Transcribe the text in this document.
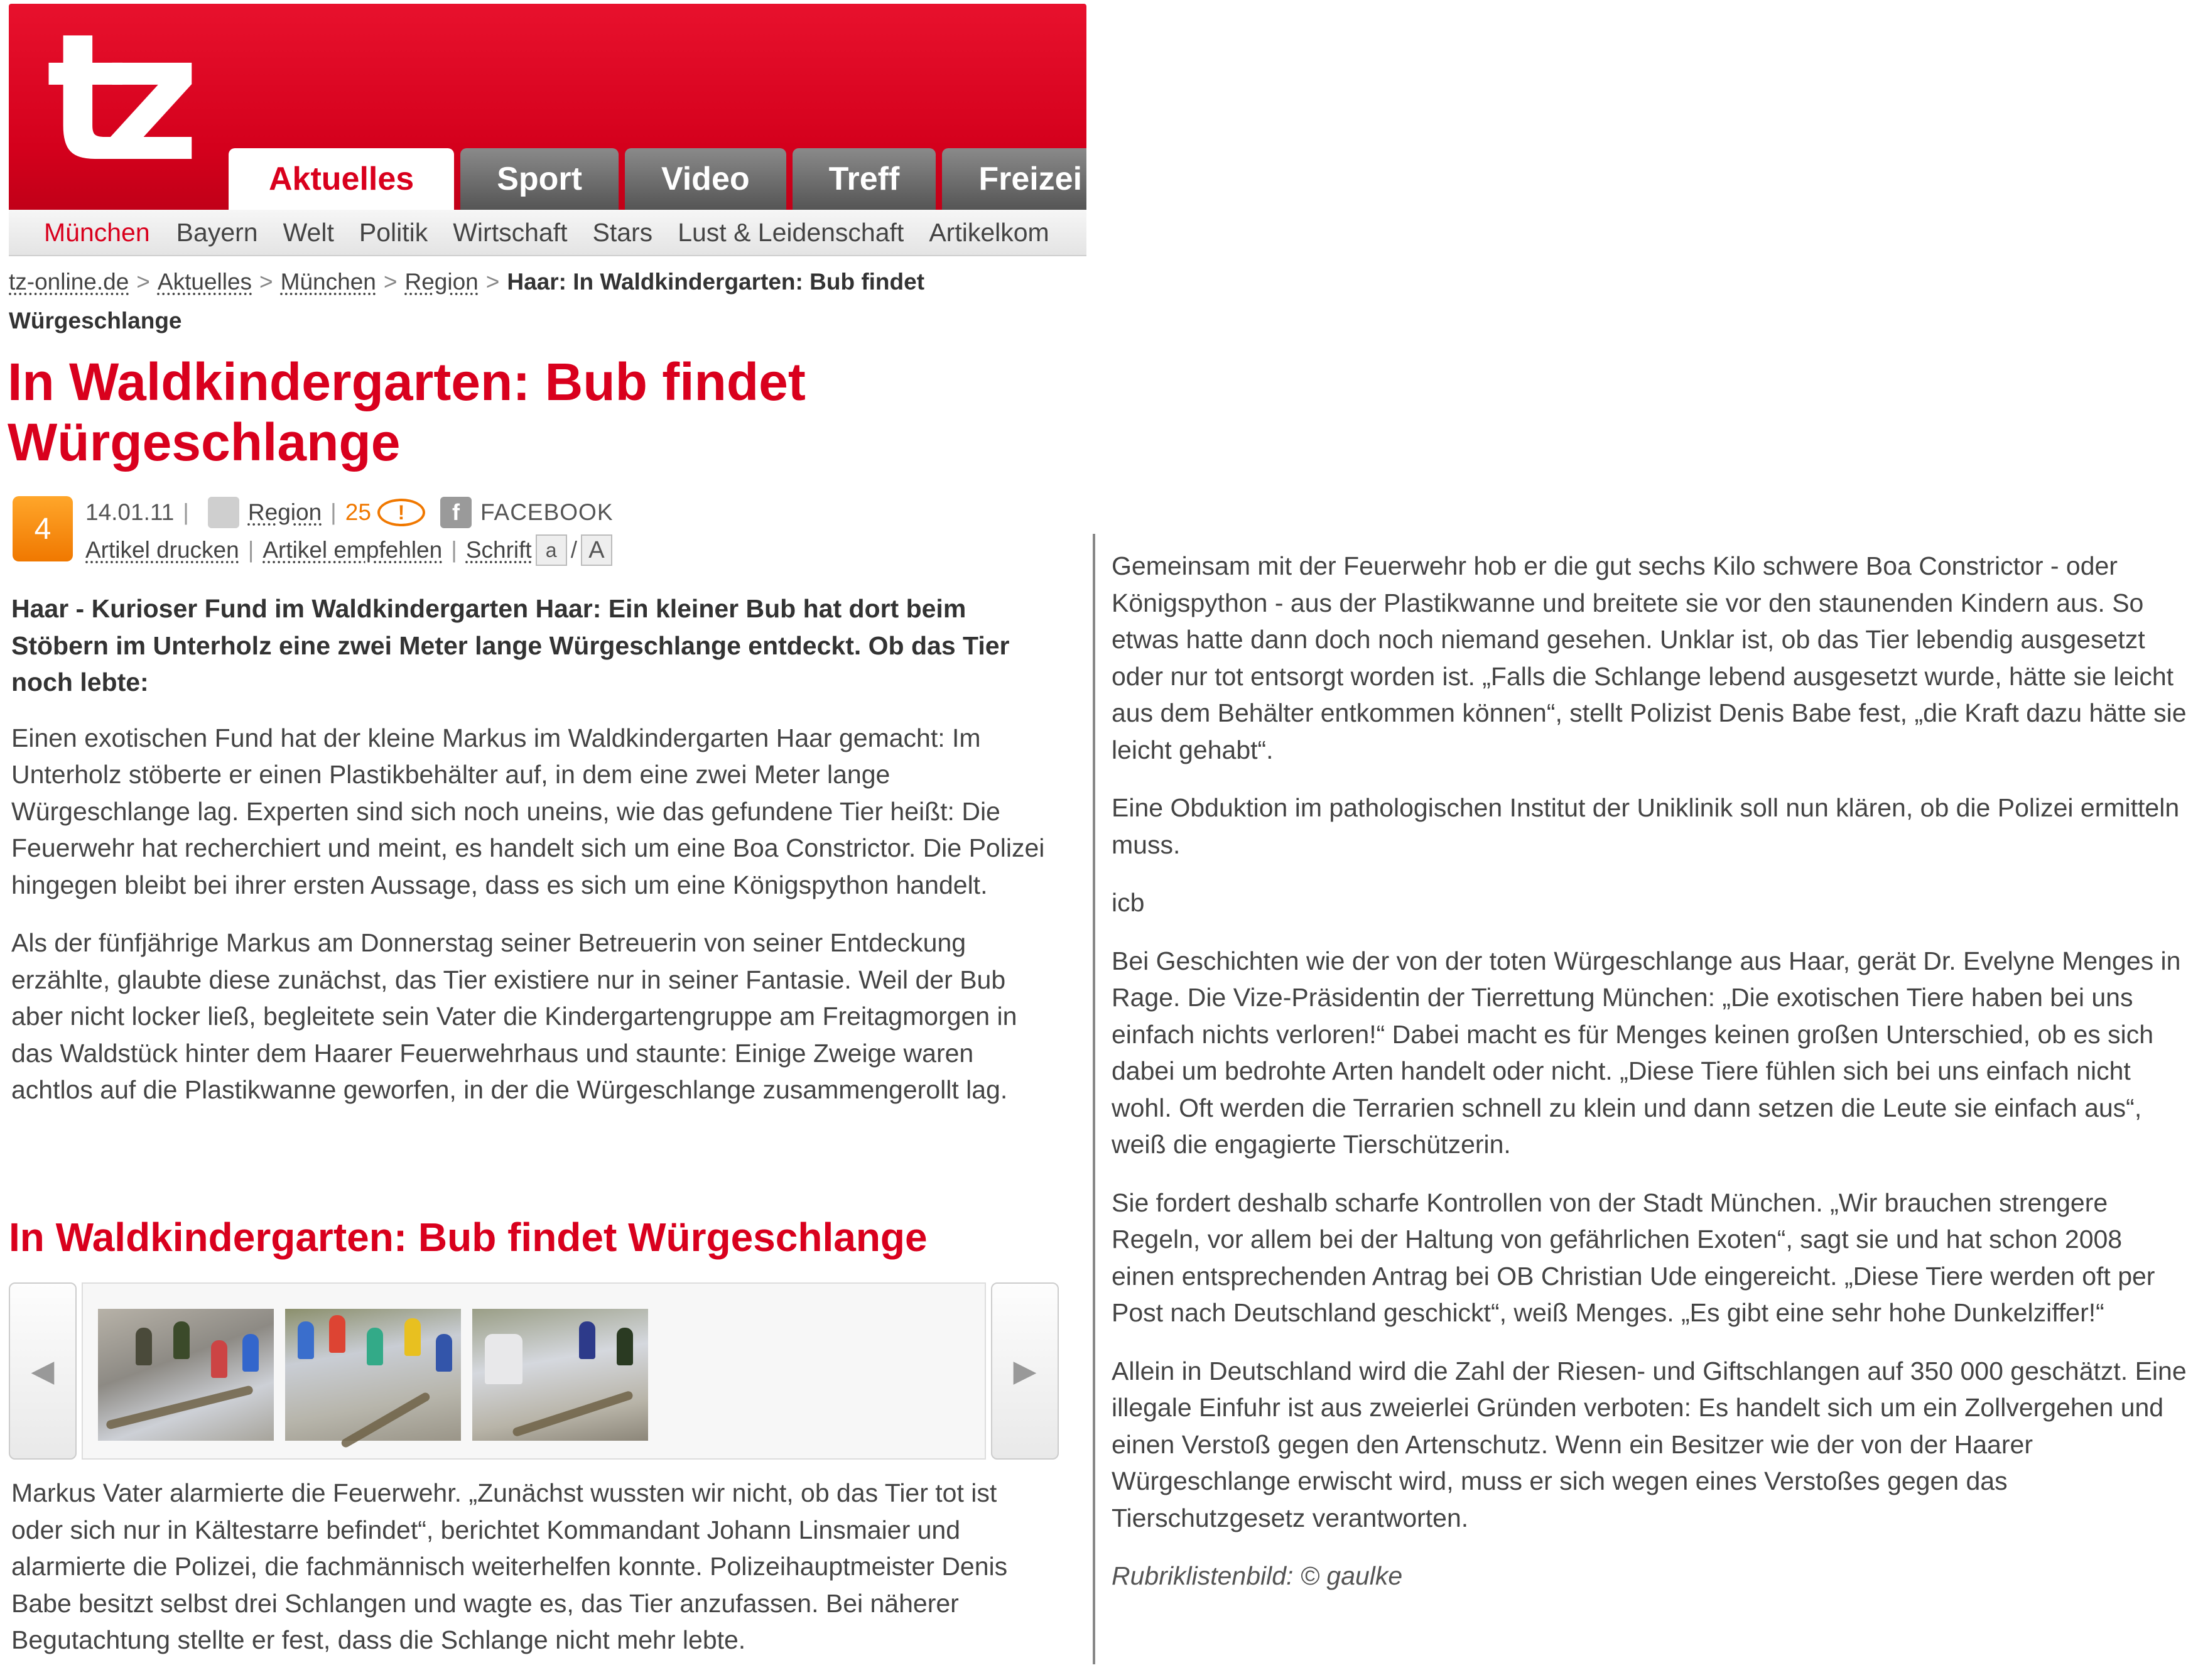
tz	Aktuelles	Sport	Video	Treff	Freizei
München	Bayern Welt Politik Wirtschaft Stars Lust & Leidenschaft Artikelkom
tz-online.de > Aktuelles > München > Region > Haar: In Waldkindergarten: Bub findet Würgeschlange
In Waldkindergarten: Bub findet Würgeschlange
4	14.01.11 |	Region | 25	!	f FACEBOOK
Artikel drucken | Artikel empfehlen | Schrift a / A

Haar - Kurioser Fund im Waldkindergarten Haar: Ein kleiner Bub hat dort beim Stöbern im Unterholz eine zwei Meter lange Würgeschlange entdeckt. Ob das Tier noch lebte:

Einen exotischen Fund hat der kleine Markus im Waldkindergarten Haar gemacht: Im Unterholz stöberte er einen Plastikbehälter auf, in dem eine zwei Meter lange Würgeschlange lag. Experten sind sich noch uneins, wie das gefundene Tier heißt: Die Feuerwehr hat recherchiert und meint, es handelt sich um eine Boa Constrictor. Die Polizei hingegen bleibt bei ihrer ersten Aussage, dass es sich um eine Königspython handelt.

Als der fünfjährige Markus am Donnerstag seiner Betreuerin von seiner Entdeckung erzählte, glaubte diese zunächst, das Tier existiere nur in seiner Fantasie. Weil der Bub aber nicht locker ließ, begleitete sein Vater die Kindergartengruppe am Freitagmorgen in das Waldstück hinter dem Haarer Feuerwehrhaus und staunte: Einige Zweige waren achtlos auf die Plastikwanne geworfen, in der die Würgeschlange zusammengerollt lag.

In Waldkindergarten: Bub findet Würgeschlange
◀	▶

Markus Vater alarmierte die Feuerwehr. „Zunächst wussten wir nicht, ob das Tier tot ist oder sich nur in Kältestarre befindet“, berichtet Kommandant Johann Linsmaier und alarmierte die Polizei, die fachmännisch weiterhelfen konnte. Polizeihauptmeister Denis Babe besitzt selbst drei Schlangen und wagte es, das Tier anzufassen. Bei näherer Begutachtung stellte er fest, dass die Schlange nicht mehr lebte.

Gemeinsam mit der Feuerwehr hob er die gut sechs Kilo schwere Boa Constrictor - oder Königspython - aus der Plastikwanne und breitete sie vor den staunenden Kindern aus. So etwas hatte dann doch noch niemand gesehen. Unklar ist, ob das Tier lebendig ausgesetzt oder nur tot entsorgt worden ist. „Falls die Schlange lebend ausgesetzt wurde, hätte sie leicht aus dem Behälter entkommen können“, stellt Polizist Denis Babe fest, „die Kraft dazu hätte sie leicht gehabt“.

Eine Obduktion im pathologischen Institut der Uniklinik soll nun klären, ob die Polizei ermitteln muss.

icb

Bei Geschichten wie der von der toten Würgeschlange aus Haar, gerät Dr. Evelyne Menges in Rage. Die Vize-Präsidentin der Tierrettung München: „Die exotischen Tiere haben bei uns einfach nichts verloren!“ Dabei macht es für Menges keinen großen Unterschied, ob es sich dabei um bedrohte Arten handelt oder nicht. „Diese Tiere fühlen sich bei uns einfach nicht wohl. Oft werden die Terrarien schnell zu klein und dann setzen die Leute sie einfach aus“, weiß die engagierte Tierschützerin.

Sie fordert deshalb scharfe Kontrollen von der Stadt München. „Wir brauchen strengere Regeln, vor allem bei der Haltung von gefährlichen Exoten“, sagt sie und hat schon 2008 einen entsprechenden Antrag bei OB Christian Ude eingereicht. „Diese Tiere werden oft per Post nach Deutschland geschickt“, weiß Menges. „Es gibt eine sehr hohe Dunkelziffer!“

Allein in Deutschland wird die Zahl der Riesen- und Giftschlangen auf 350 000 geschätzt. Eine illegale Einfuhr ist aus zweierlei Gründen verboten: Es handelt sich um ein Zollvergehen und einen Verstoß gegen den Artenschutz. Wenn ein Besitzer wie der von der Haarer Würgeschlange erwischt wird, muss er sich wegen eines Verstoßes gegen das Tierschutzgesetz verantworten.

Rubriklistenbild: © gaulke
